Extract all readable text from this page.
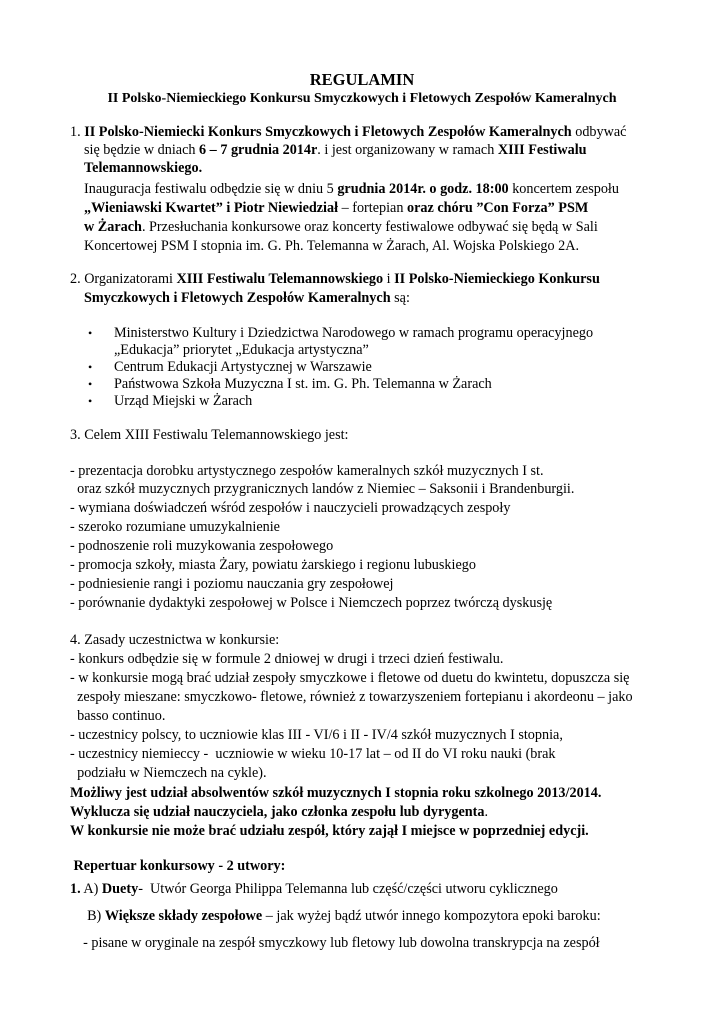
REGULAMIN
II Polsko-Niemieckiego Konkursu Smyczkowych i Fletowych Zespołów Kameralnych
1. II Polsko-Niemiecki Konkurs Smyczkowych i Fletowych Zespołów Kameralnych odbywać
się będzie w dniach 6 – 7 grudnia 2014r. i jest organizowany w ramach XIII Festiwalu
Telemannowskiego.
Inauguracja festiwalu odbędzie się w dniu 5 grudnia 2014r. o godz. 18:00 koncertem zespołu
„Wieniawski Kwartet” i Piotr Niewiedział – fortepian oraz chóru ”Con Forza” PSM
w Żarach. Przesłuchania konkursowe oraz koncerty festiwalowe odbywać się będą w Sali
Koncertowej PSM I stopnia im. G. Ph. Telemanna w Żarach, Al. Wojska Polskiego 2A.
2. Organizatorami XIII Festiwalu Telemannowskiego i II Polsko-Niemieckiego Konkursu
Smyczkowych i Fletowych Zespołów Kameralnych są:
• Ministerstwo Kultury i Dziedzictwa Narodowego w ramach programu operacyjnego
„Edukacja” priorytet „Edukacja artystyczna”
• Centrum Edukacji Artystycznej w Warszawie
• Państwowa Szkoła Muzyczna I st. im. G. Ph. Telemanna w Żarach
• Urząd Miejski w Żarach
3. Celem XIII Festiwalu Telemannowskiego jest:
- prezentacja dorobku artystycznego zespołów kameralnych szkół muzycznych I st.
oraz szkół muzycznych przygranicznych landów z Niemiec – Saksonii i Brandenburgii.
- wymiana doświadczeń wśród zespołów i nauczycieli prowadzących zespoły
- szeroko rozumiane umuzykalnienie
- podnoszenie roli muzykowania zespołowego
- promocja szkoły, miasta Żary, powiatu żarskiego i regionu lubuskiego
- podniesienie rangi i poziomu nauczania gry zespołowej
- porównanie dydaktyki zespołowej w Polsce i Niemczech poprzez twórczą dyskusję
4. Zasady uczestnictwa w konkursie:
- konkurs odbędzie się w formule 2 dniowej w drugi i trzeci dzień festiwalu.
- w konkursie mogą brać udział zespoły smyczkowe i fletowe od duetu do kwintetu, dopuszcza się
zespoły mieszane: smyczkowo- fletowe, również z towarzyszeniem fortepianu i akordeonu – jako
basso continuo.
- uczestnicy polscy, to uczniowie klas III - VI/6 i II - IV/4 szkół muzycznych I stopnia,
- uczestnicy niemieccy -  uczniowie w wieku 10-17 lat – od II do VI roku nauki (brak
podziału w Niemczech na cykle).
Możliwy jest udział absolwentów szkół muzycznych I stopnia roku szkolnego 2013/2014.
Wyklucza się udział nauczyciela, jako członka zespołu lub dyrygenta.
W konkursie nie może brać udziału zespół, który zajął I miejsce w poprzedniej edycji.
Repertuar konkursowy - 2 utwory:
1. A) Duety-  Utwór Georga Philippa Telemanna lub część/części utworu cyklicznego
B) Większe składy zespołowe – jak wyżej bądź utwór innego kompozytora epoki baroku:
- pisane w oryginale na zespół smyczkowy lub fletowy lub dowolna transkrypcja na zespół
